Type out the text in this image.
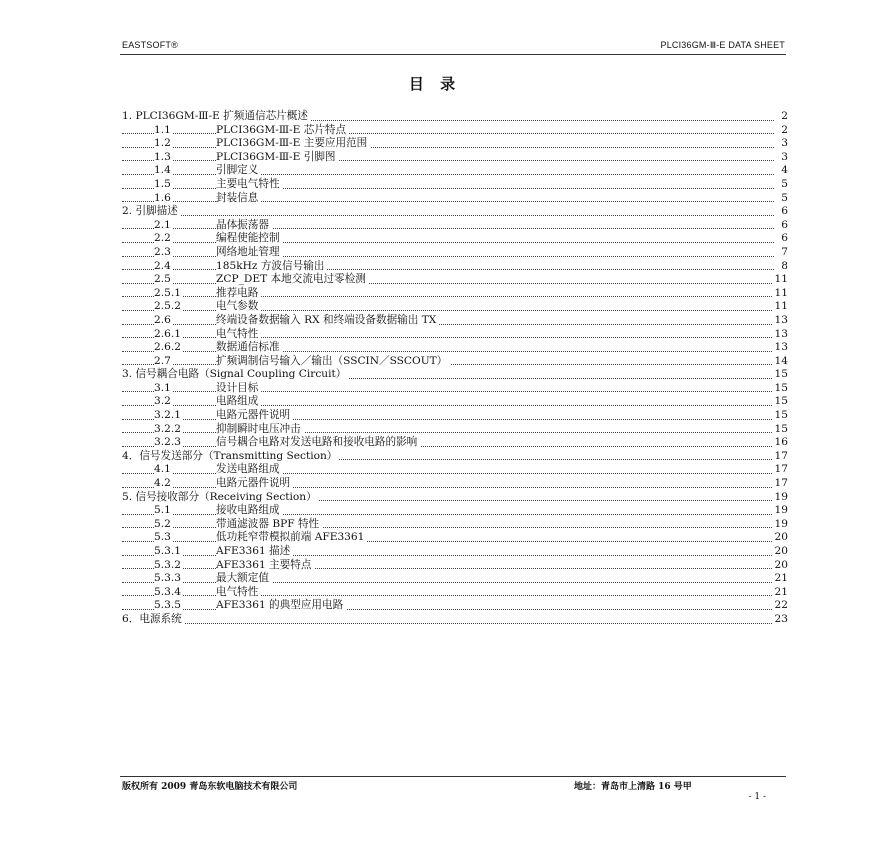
EASTSOFT®	PLCI36GM-Ⅲ-E DATA SHEET
目 录
1. PLCI36GM-Ⅲ-E 扩频通信芯片概述	2
1.1	PLCI36GM-Ⅲ-E 芯片特点	2
1.2	PLCI36GM-Ⅲ-E 主要应用范围	3
1.3	PLCI36GM-Ⅲ-E 引脚图	3
1.4	引脚定义	4
1.5	主要电气特性	5
1.6	封装信息	5
2. 引脚描述	6
2.1	晶体振荡器	6
2.2	编程使能控制	6
2.3	网络地址管理	7
2.4	185kHz 方波信号输出	8
2.5	ZCP_DET 本地交流电过零检测	11
2.5.1	推荐电路	11
2.5.2	电气参数	11
2.6	终端设备数据输入 RX 和终端设备数据输出 TX	13
2.6.1	电气特性	13
2.6.2	数据通信标准	13
2.7	扩频调制信号输入／输出（SSCIN／SSCOUT）	14
3. 信号耦合电路（Signal Coupling Circuit）	15
3.1	设计目标	15
3.2	电路组成	15
3.2.1	电路元器件说明	15
3.2.2	抑制瞬时电压冲击	15
3.2.3	信号耦合电路对发送电路和接收电路的影响	16
4．信号发送部分（Transmitting Section）	17
4.1	发送电路组成	17
4.2	电路元器件说明	17
5. 信号接收部分（Receiving Section）	19
5.1	接收电路组成	19
5.2	带通滤波器 BPF 特性	19
5.3	低功耗窄带模拟前端 AFE3361	20
5.3.1	AFE3361 描述	20
5.3.2	AFE3361 主要特点	20
5.3.3	最大额定值	21
5.3.4	电气特性	21
5.3.5	AFE3361 的典型应用电路	22
6．电源系统	23
版权所有 2009 青岛东软电脑技术有限公司	地址：青岛市上清路 16 号甲
- 1 -
